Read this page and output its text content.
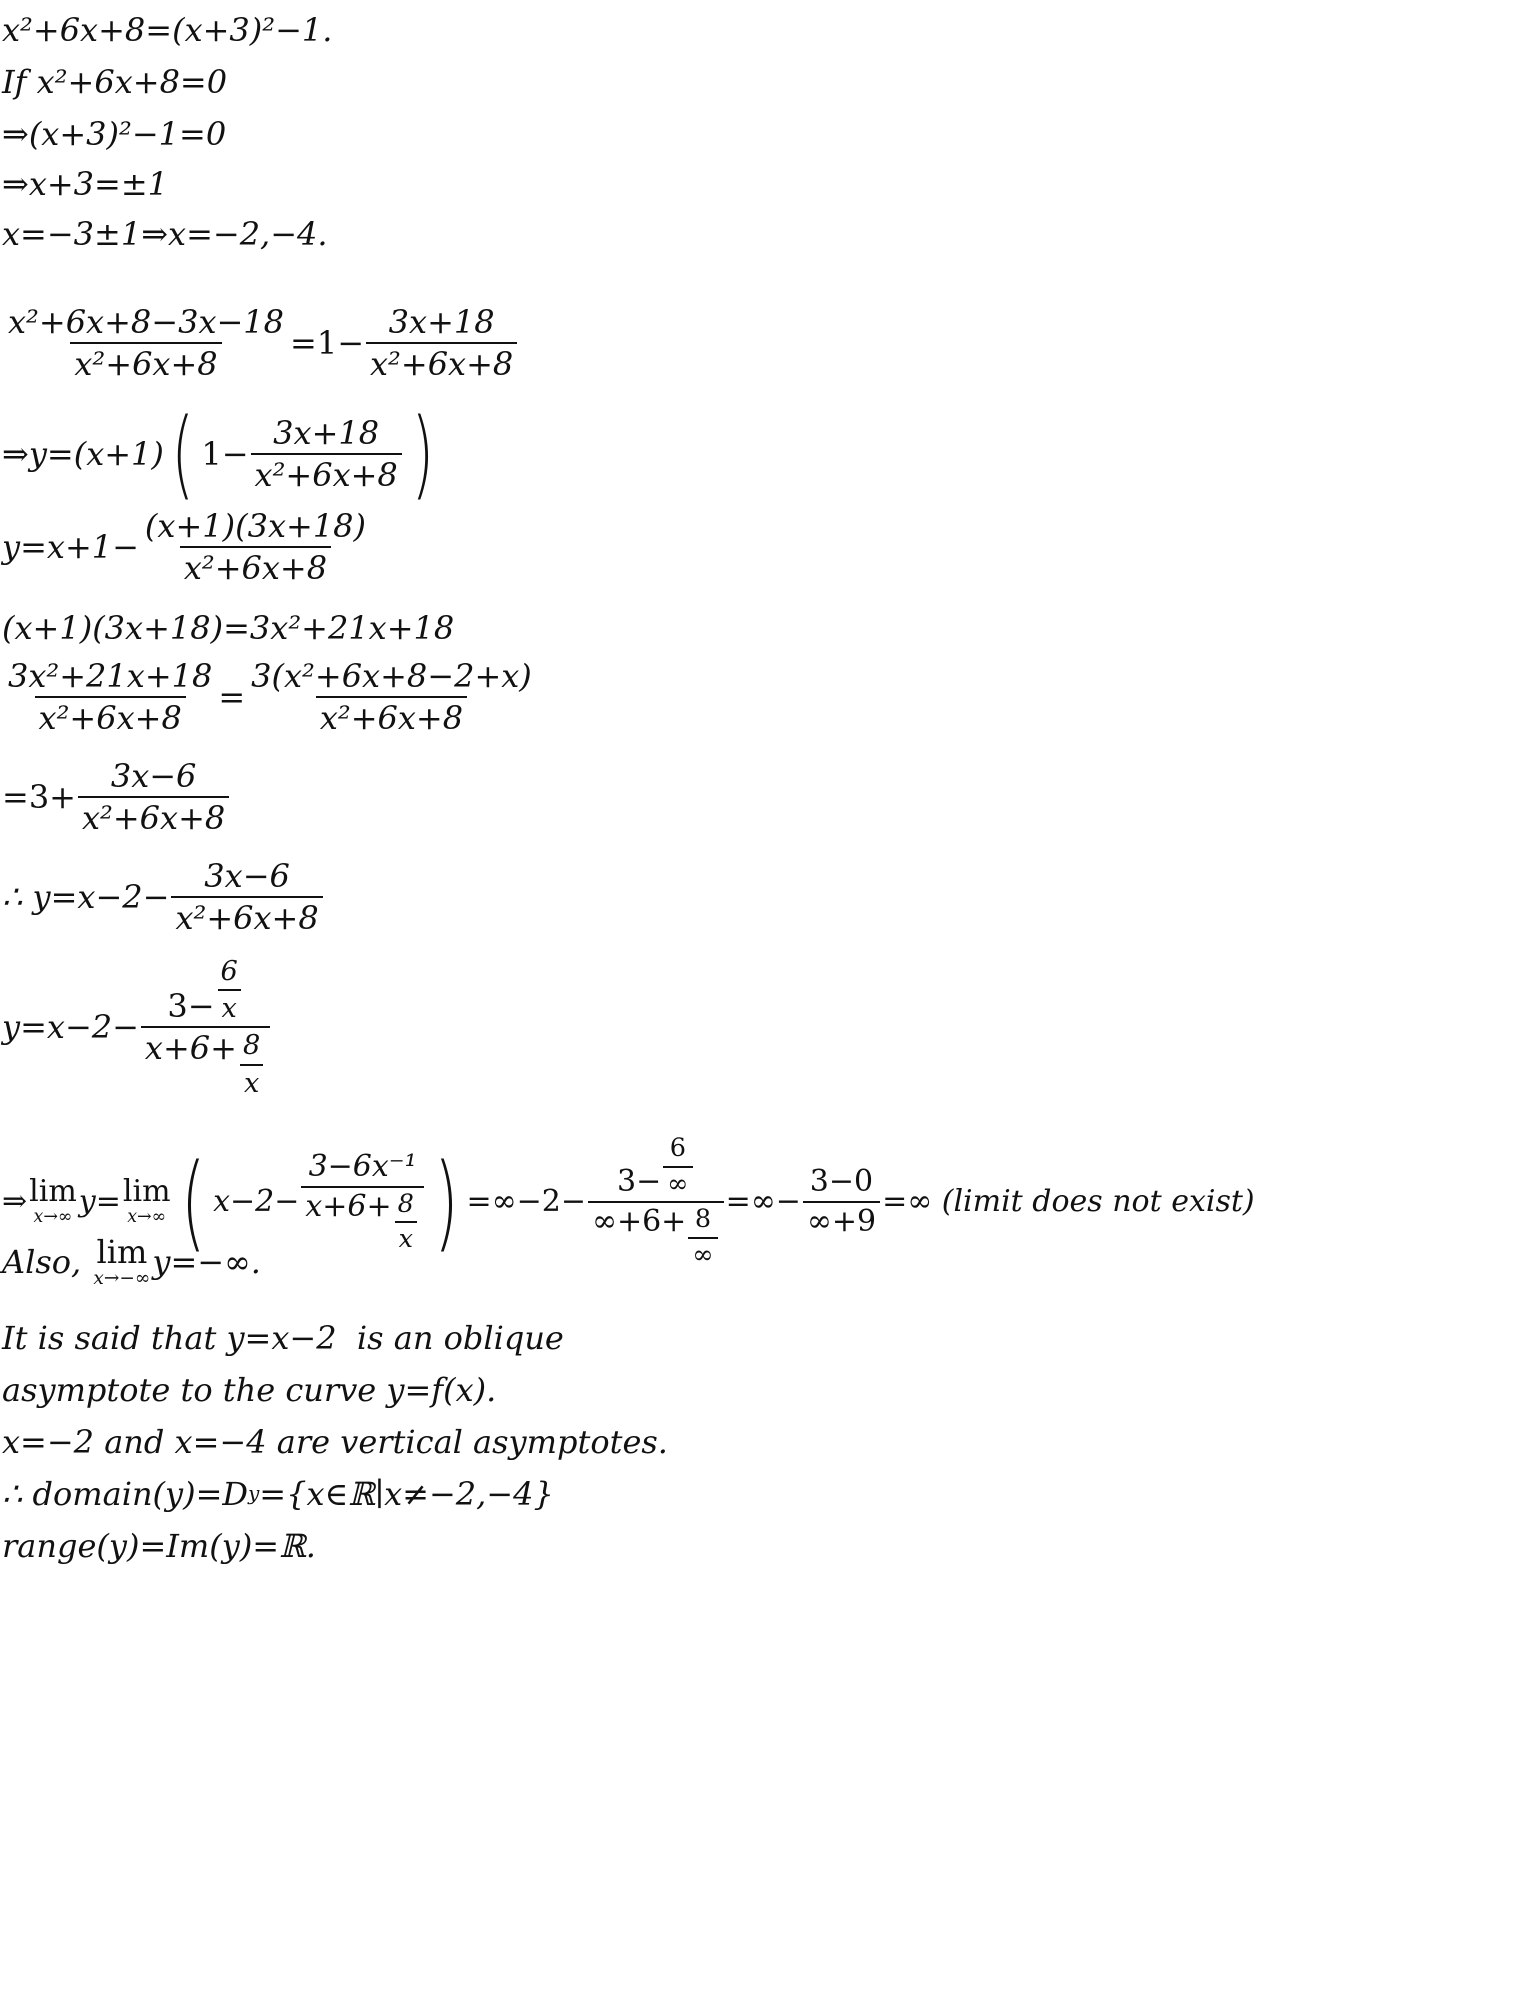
x²+6x+8=(x+3)²−1.
If x²+6x+8=0
⇒(x+3)²−1=0
⇒x+3=±1
x=−3±1⇒x=−2,−4.
$\frac{\text{x²+6x+8−3x−18}}{\text{x²+6x+8}} =1- \frac{3x+18}{\text{x²+6x+8}}$
⇒y=(x+1) ( $1- \frac{3x+18}{\text{x²+6x+8}}$ )
$y=x+1- \frac{(x+1)(3x+18)}{\text{x²+6x+8}}$
(x+1)(3x+18)=3x²+21x+18
$\frac{\text{3x²+21x+18}}{\text{x²+6x+8}} = \frac{\text{3(x²+6x+8−2+x)}}{\text{x²+6x+8}}$
$=3+ \frac{3x-6}{\text{x²+6x+8}}$
∴ $y=x-2- \frac{3x-6}{\text{x²+6x+8}}$
$y=x-2- \frac{3- \frac{6}{x}}{x+6+ \frac{8}{x}}$
⇒ lim
x→∞ y= lim
x→∞ ( $x-2- \frac{\text{3−6x⁻¹}}{x+6+ \frac{8}{x}}$ ) $=\infty-2- \frac{3- \frac{6}{\infty}}{\infty+6+ \frac{8}{\infty}}$ =∞− $\frac{3-0}{\infty+9}$ =∞ (limit does not exist)
Also, lim
x→−∞ y=−∞.
It is said that y=x−2  is an oblique
asymptote to the curve y=f(x).
x=−2 and x=−4 are vertical asymptotes.
∴ domain(y)=D y ={x∈ℝ∣x≠−2,−4}
range(y)=Im(y)=ℝ.
